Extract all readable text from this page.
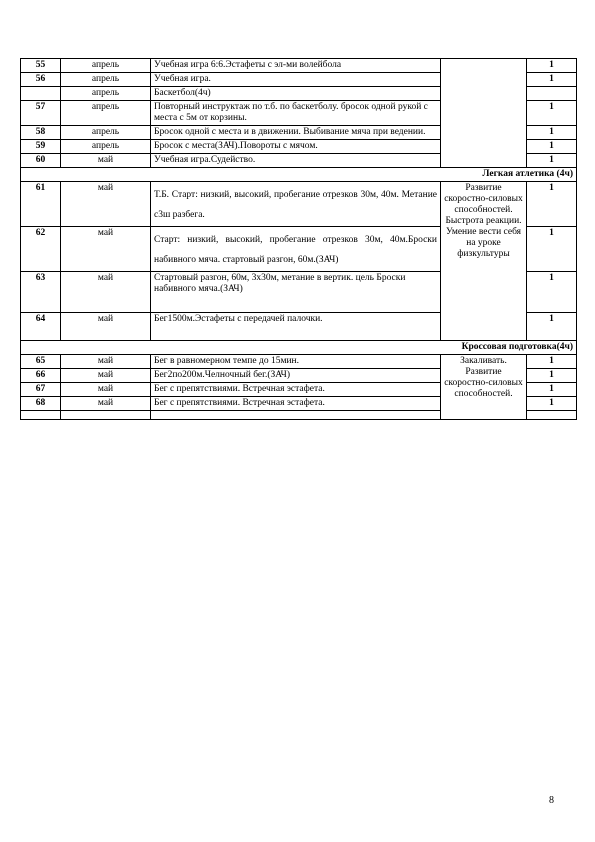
55	апрель	Учебная игра 6:6.Эстафеты с эл-ми волейбола		1
56	апрель	Учебная игра.		1
	апрель	Баскетбол(4ч)		
57	апрель	Повторный инструктаж по т.б. по баскетболу. бросок одной рукой с места с 5м от корзины.		1
58	апрель	Бросок одной с места и в движении. Выбивание мяча при ведении.		1
59	апрель	Бросок с места(ЗАЧ).Повороты с мячом.		1
60	май	Учебная игра.Судейство.		1
Легкая атлетика (4ч)				
61	май	Т.Б. Старт: низкий, высокий, пробегание отрезков 30м, 40м. Метание с3ш разбега.	Развитие скоростно-силовых способностей. Быстрота реакции. Умение вести себя на уроке физкультуры	1
62	май	Старт: низкий, высокий, пробегание отрезков 30м, 40м.Броски набивного мяча. стартовый разгон, 60м.(ЗАЧ)		1
63	май	Стартовый разгон, 60м, 3х30м, метание в вертик. цель Броски набивного мяча.(ЗАЧ)		1
64	май	Бег1500м.Эстафеты с передачей палочки.		1
Кроссовая подготовка(4ч)				
65	май	Бег в равномерном темпе до 15мин.	Закаливать. Развитие скоростно-силовых способностей.	1
66	май	Бег2по200м.Челночный бег.(ЗАЧ)		1
67	май	Бег с препятствиями. Встречная эстафета.		1
68	май	Бег с препятствиями. Встречная эстафета.		1

8
